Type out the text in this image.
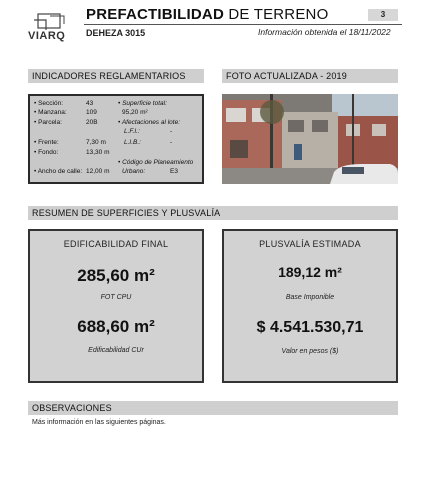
VIARQ
PREFACTIBILIDAD DE TERRENO	3
DEHEZA 3015	Información obtenida el 18/11/2022
INDICADORES REGLAMENTARIOS	FOTO ACTUALIZADA - 2019
• Sección:	43
• Manzana:	109
• Parcela:	20B
• Frente:	7,30 m
• Fondo:	13,30 m
• Ancho de calle: 12,00 m
• Superficie total:
95,20 m²
• Afectaciones al lote:
L.F.I.:	-
L.I.B.:	-
• Código de Planeamiento
Urbano:	E3
RESUMEN DE SUPERFICIES Y PLUSVALÍA
EDIFICABILIDAD FINAL
285,60 m²
FOT CPU
688,60 m²
Edificabilidad CUr
PLUSVALÍA ESTIMADA
189,12 m²
Base Imponible
$ 4.541.530,71
Valor en pesos ($)
OBSERVACIONES
Más información en las siguientes páginas.
